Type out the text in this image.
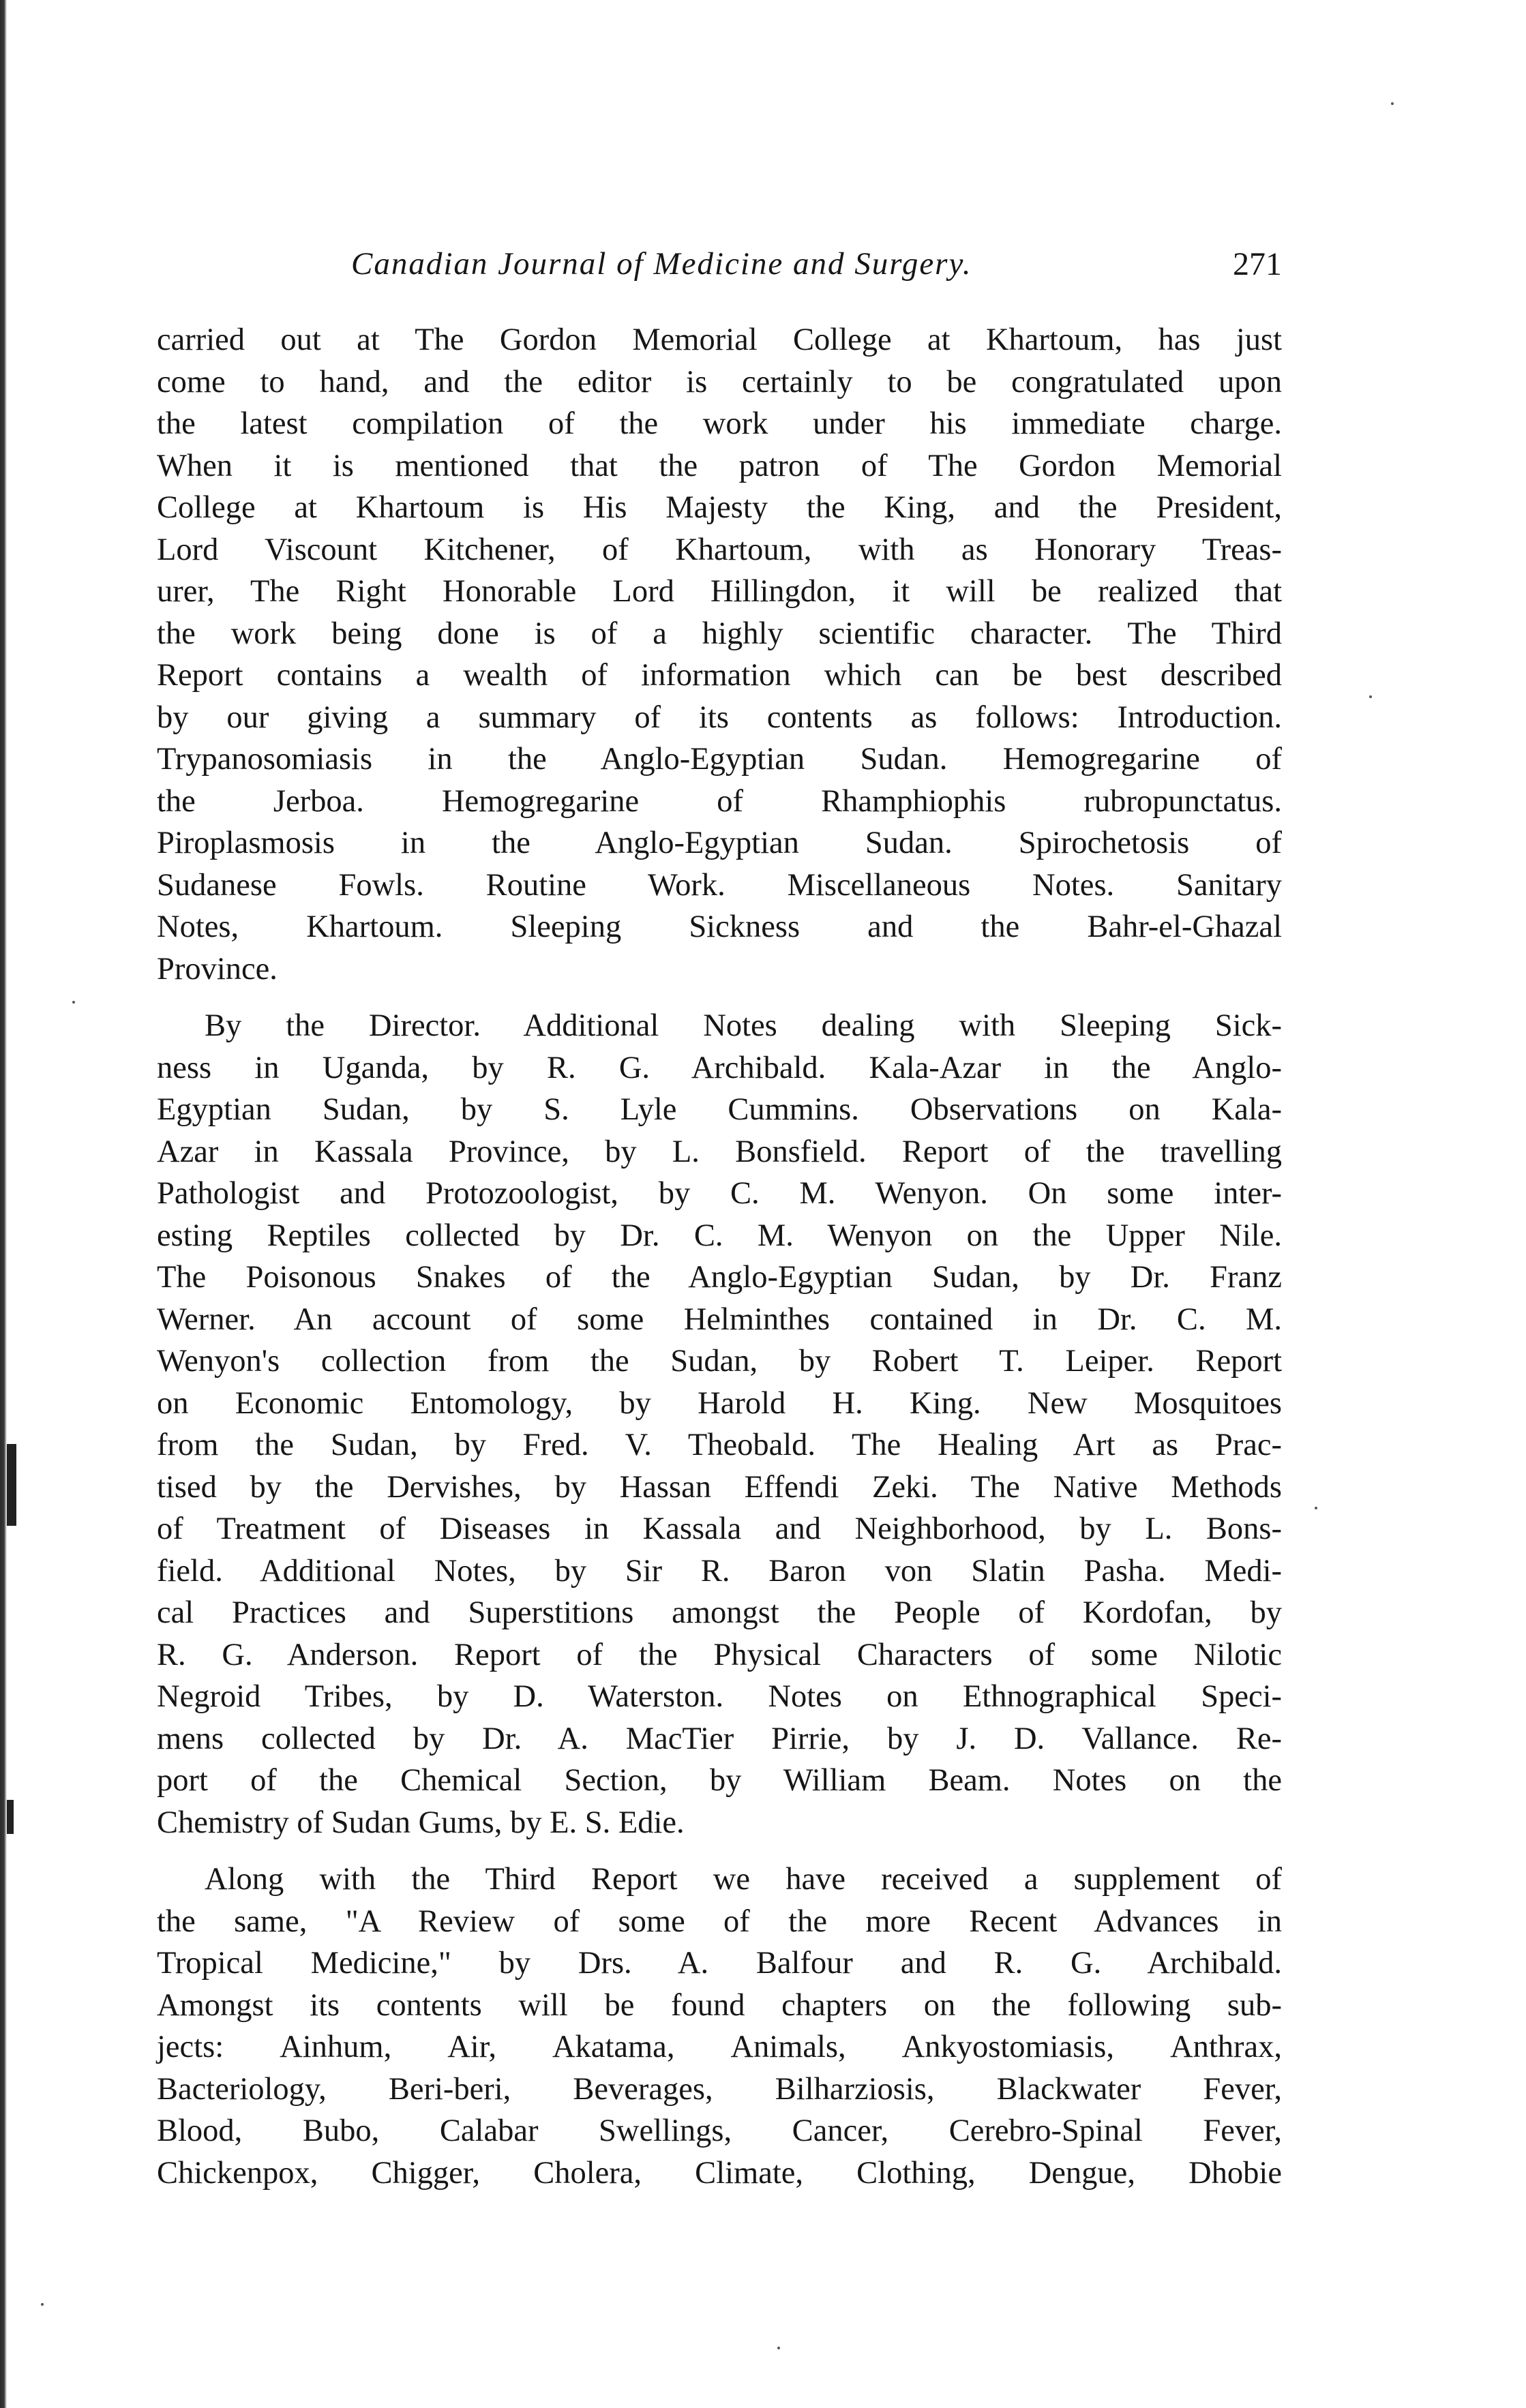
Canadian Journal of Medicine and Surgery.	271
carried out at The Gordon Memorial College at Khartoum, has just
come to hand, and the editor is certainly to be congratulated upon
the latest compilation of the work under his immediate charge.
When it is mentioned that the patron of The Gordon Memorial
College at Khartoum is His Majesty the King, and the President,
Lord Viscount Kitchener, of Khartoum, with as Honorary Treas-
urer, The Right Honorable Lord Hillingdon, it will be realized that
the work being done is of a highly scientific character. The Third
Report contains a wealth of information which can be best described
by our giving a summary of its contents as follows: Introduction.
Trypanosomiasis in the Anglo-Egyptian Sudan. Hemogregarine of
the Jerboa. Hemogregarine of Rhamphiophis rubropunctatus.
Piroplasmosis in the Anglo-Egyptian Sudan. Spirochetosis of
Sudanese Fowls. Routine Work. Miscellaneous Notes. Sanitary
Notes, Khartoum. Sleeping Sickness and the Bahr-el-Ghazal
Province.
By the Director. Additional Notes dealing with Sleeping Sick-
ness in Uganda, by R. G. Archibald. Kala-Azar in the Anglo-
Egyptian Sudan, by S. Lyle Cummins. Observations on Kala-
Azar in Kassala Province, by L. Bonsfield. Report of the travelling
Pathologist and Protozoologist, by C. M. Wenyon. On some inter-
esting Reptiles collected by Dr. C. M. Wenyon on the Upper Nile.
The Poisonous Snakes of the Anglo-Egyptian Sudan, by Dr. Franz
Werner. An account of some Helminthes contained in Dr. C. M.
Wenyon's collection from the Sudan, by Robert T. Leiper. Report
on Economic Entomology, by Harold H. King. New Mosquitoes
from the Sudan, by Fred. V. Theobald. The Healing Art as Prac-
tised by the Dervishes, by Hassan Effendi Zeki. The Native Methods
of Treatment of Diseases in Kassala and Neighborhood, by L. Bons-
field. Additional Notes, by Sir R. Baron von Slatin Pasha. Medi-
cal Practices and Superstitions amongst the People of Kordofan, by
R. G. Anderson. Report of the Physical Characters of some Nilotic
Negroid Tribes, by D. Waterston. Notes on Ethnographical Speci-
mens collected by Dr. A. MacTier Pirrie, by J. D. Vallance. Re-
port of the Chemical Section, by William Beam. Notes on the
Chemistry of Sudan Gums, by E. S. Edie.
Along with the Third Report we have received a supplement of
the same, "A Review of some of the more Recent Advances in
Tropical Medicine," by Drs. A. Balfour and R. G. Archibald.
Amongst its contents will be found chapters on the following sub-
jects: Ainhum, Air, Akatama, Animals, Ankyostomiasis, Anthrax,
Bacteriology, Beri-beri, Beverages, Bilharziosis, Blackwater Fever,
Blood, Bubo, Calabar Swellings, Cancer, Cerebro-Spinal Fever,
Chickenpox, Chigger, Cholera, Climate, Clothing, Dengue, Dhobie
